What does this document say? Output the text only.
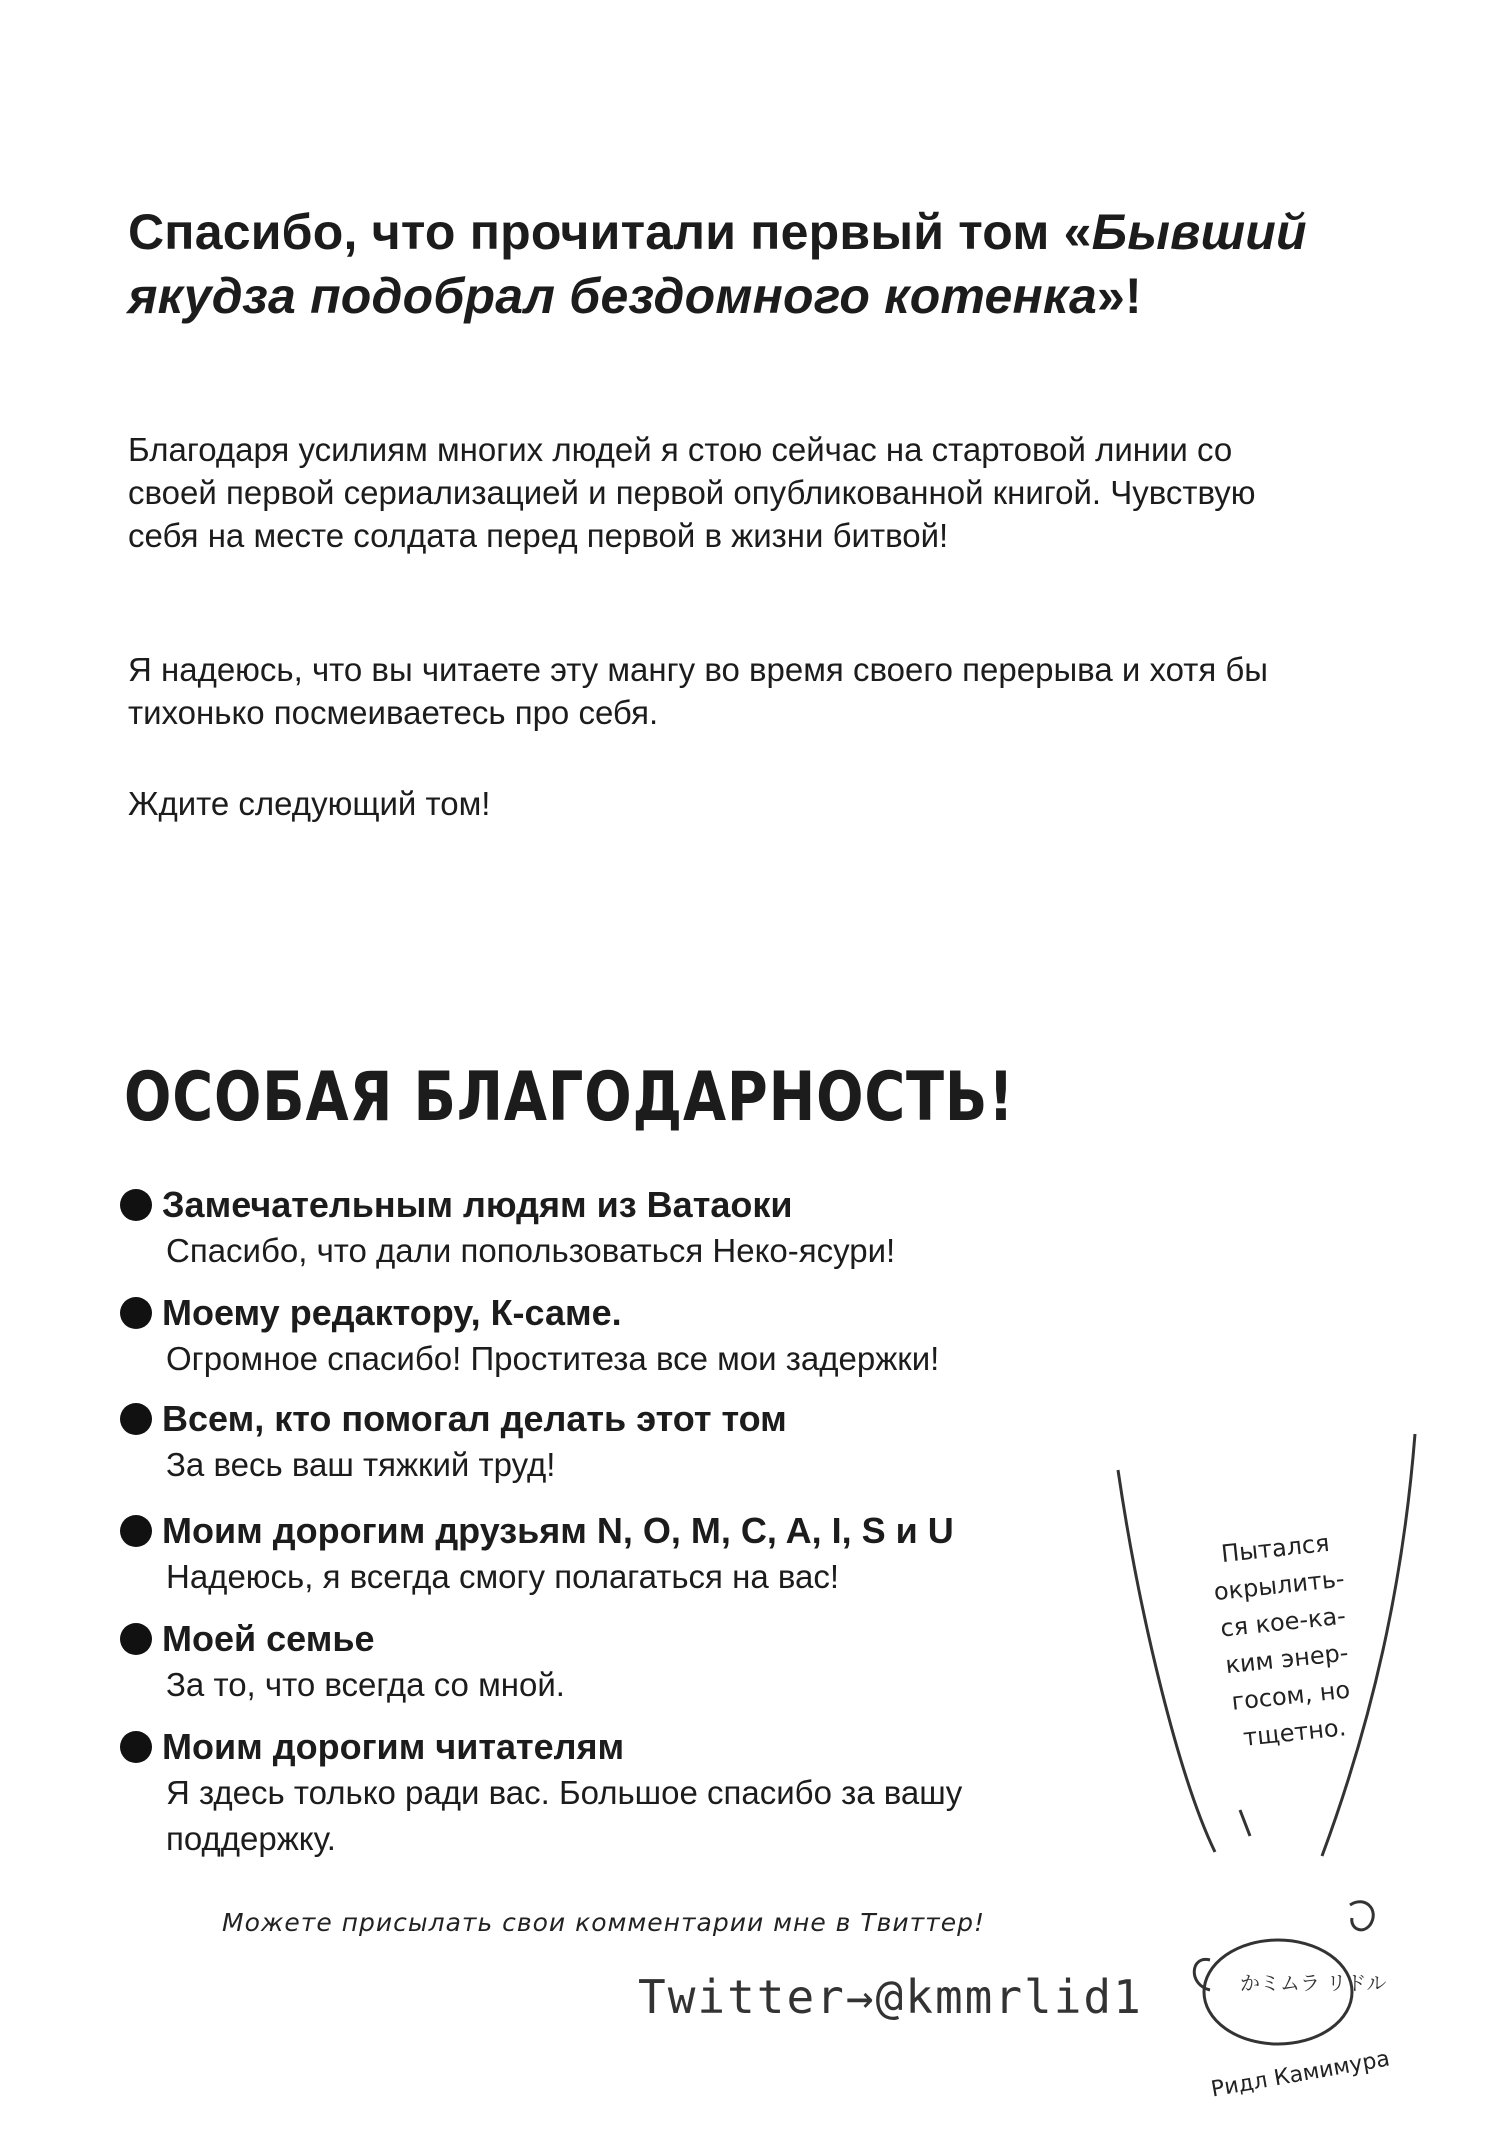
Спасибо, что прочитали первый том «Бывший якудза подобрал бездомного котенка»!

Благодаря усилиям многих людей я стою сейчас на стартовой линии со своей первой сериализацией и первой опубликованной книгой. Чувствую себя на месте солдата перед первой в жизни битвой!

Я надеюсь, что вы читаете эту мангу во время своего перерыва и хотя бы тихонько посмеиваетесь про себя.

Ждите следующий том!

ОСОБАЯ БЛАГОДАРНОСТЬ!
Замечательным людям из Ватаоки
Спасибо, что дали попользоваться Неко-ясури!
Моему редактору, К-саме.
Огромное спасибо! Проститеза все мои задержки!
Всем, кто помогал делать этот том
За весь ваш тяжкий труд!
Моим дорогим друзьям N, O, M, C, A, I, S и U
Надеюсь, я всегда смогу полагаться на вас!
Моей семье
За то, что всегда со мной.
Моим дорогим читателям
Я здесь только ради вас. Большое спасибо за вашу поддержку.
かミムラ リドル
Пытался
окрылить-
ся кое-ка-
ким энер-
госом, но
тщетно.
Можете присылать свои комментарии мне в Твиттер!
Twitter→@kmmrlid1
Ридл Камимура
